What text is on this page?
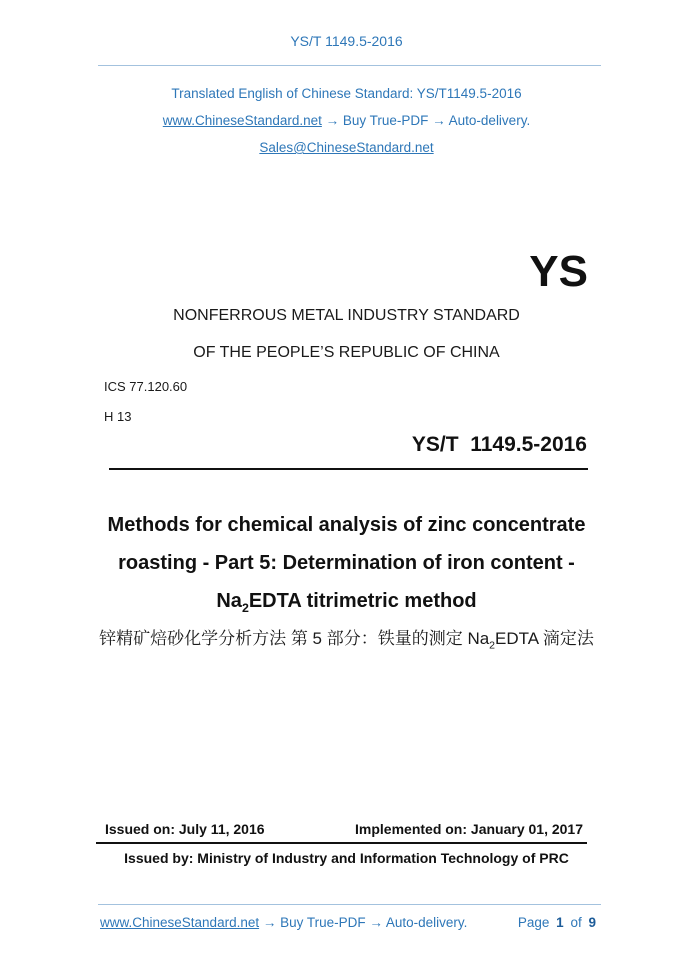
YS/T 1149.5-2016
Translated English of Chinese Standard: YS/T1149.5-2016
www.ChineseStandard.net → Buy True-PDF → Auto-delivery.
Sales@ChineseStandard.net
YS
NONFERROUS METAL INDUSTRY STANDARD
OF THE PEOPLE’S REPUBLIC OF CHINA
ICS 77.120.60
H 13
YS/T  1149.5-2016
Methods for chemical analysis of zinc concentrate
roasting - Part 5: Determination of iron content -
$Na_2EDTA$ titrimetric method
锌精矿焙砂化学分析方法 第 5 部分：铁量的测定 $Na_2EDTA$ 滴定法
Issued on: July 11, 2016	Implemented on: January 01, 2017
Issued by: Ministry of Industry and Information Technology of PRC
www.ChineseStandard.net → Buy True-PDF → Auto-delivery.	Page 1 of 9
